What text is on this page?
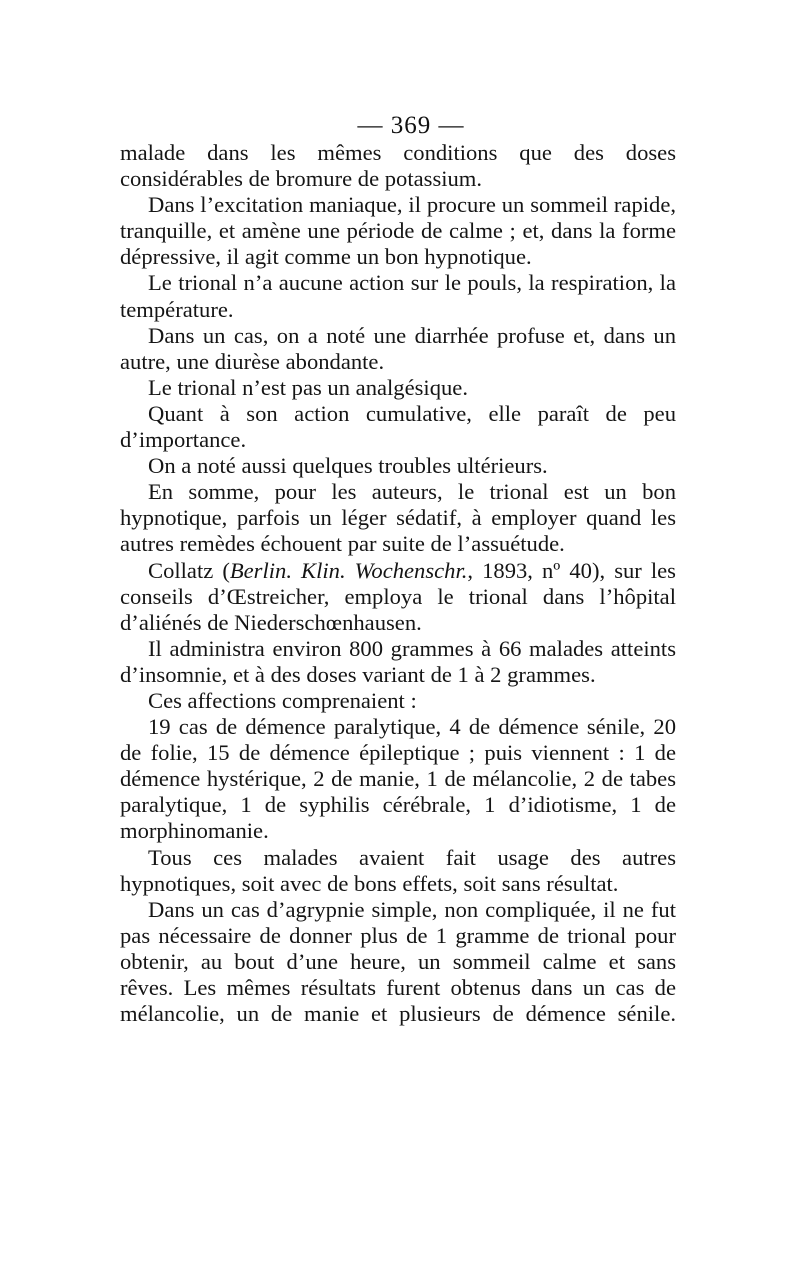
— 369 —

malade dans les mêmes conditions que des doses considérables de bromure de potassium.

Dans l’excitation maniaque, il procure un sommeil rapide, tranquille, et amène une période de calme ; et, dans la forme dépressive, il agit comme un bon hypnotique.

Le trional n’a aucune action sur le pouls, la respiration, la température.

Dans un cas, on a noté une diarrhée profuse et, dans un autre, une diurèse abondante.

Le trional n’est pas un analgésique.

Quant à son action cumulative, elle paraît de peu d’importance.

On a noté aussi quelques troubles ultérieurs.

En somme, pour les auteurs, le trional est un bon hypnotique, parfois un léger sédatif, à employer quand les autres remèdes échouent par suite de l’assuétude.

Collatz (Berlin. Klin. Wochenschr., 1893, nº 40), sur les conseils d’Œstreicher, employa le trional dans l’hôpital d’aliénés de Niederschœnhausen.

Il administra environ 800 grammes à 66 malades atteints d’insomnie, et à des doses variant de 1 à 2 grammes.

Ces affections comprenaient :

19 cas de démence paralytique, 4 de démence sénile, 20 de folie, 15 de démence épileptique ; puis viennent : 1 de démence hystérique, 2 de manie, 1 de mélancolie, 2 de tabes paralytique, 1 de syphilis cérébrale, 1 d’idiotisme, 1 de morphinomanie.

Tous ces malades avaient fait usage des autres hypnotiques, soit avec de bons effets, soit sans résultat.

Dans un cas d’agrypnie simple, non compliquée, il ne fut pas nécessaire de donner plus de 1 gramme de trional pour obtenir, au bout d’une heure, un sommeil calme et sans rêves. Les mêmes résultats furent obtenus dans un cas de mélancolie, un de manie et plusieurs de démence sénile.
